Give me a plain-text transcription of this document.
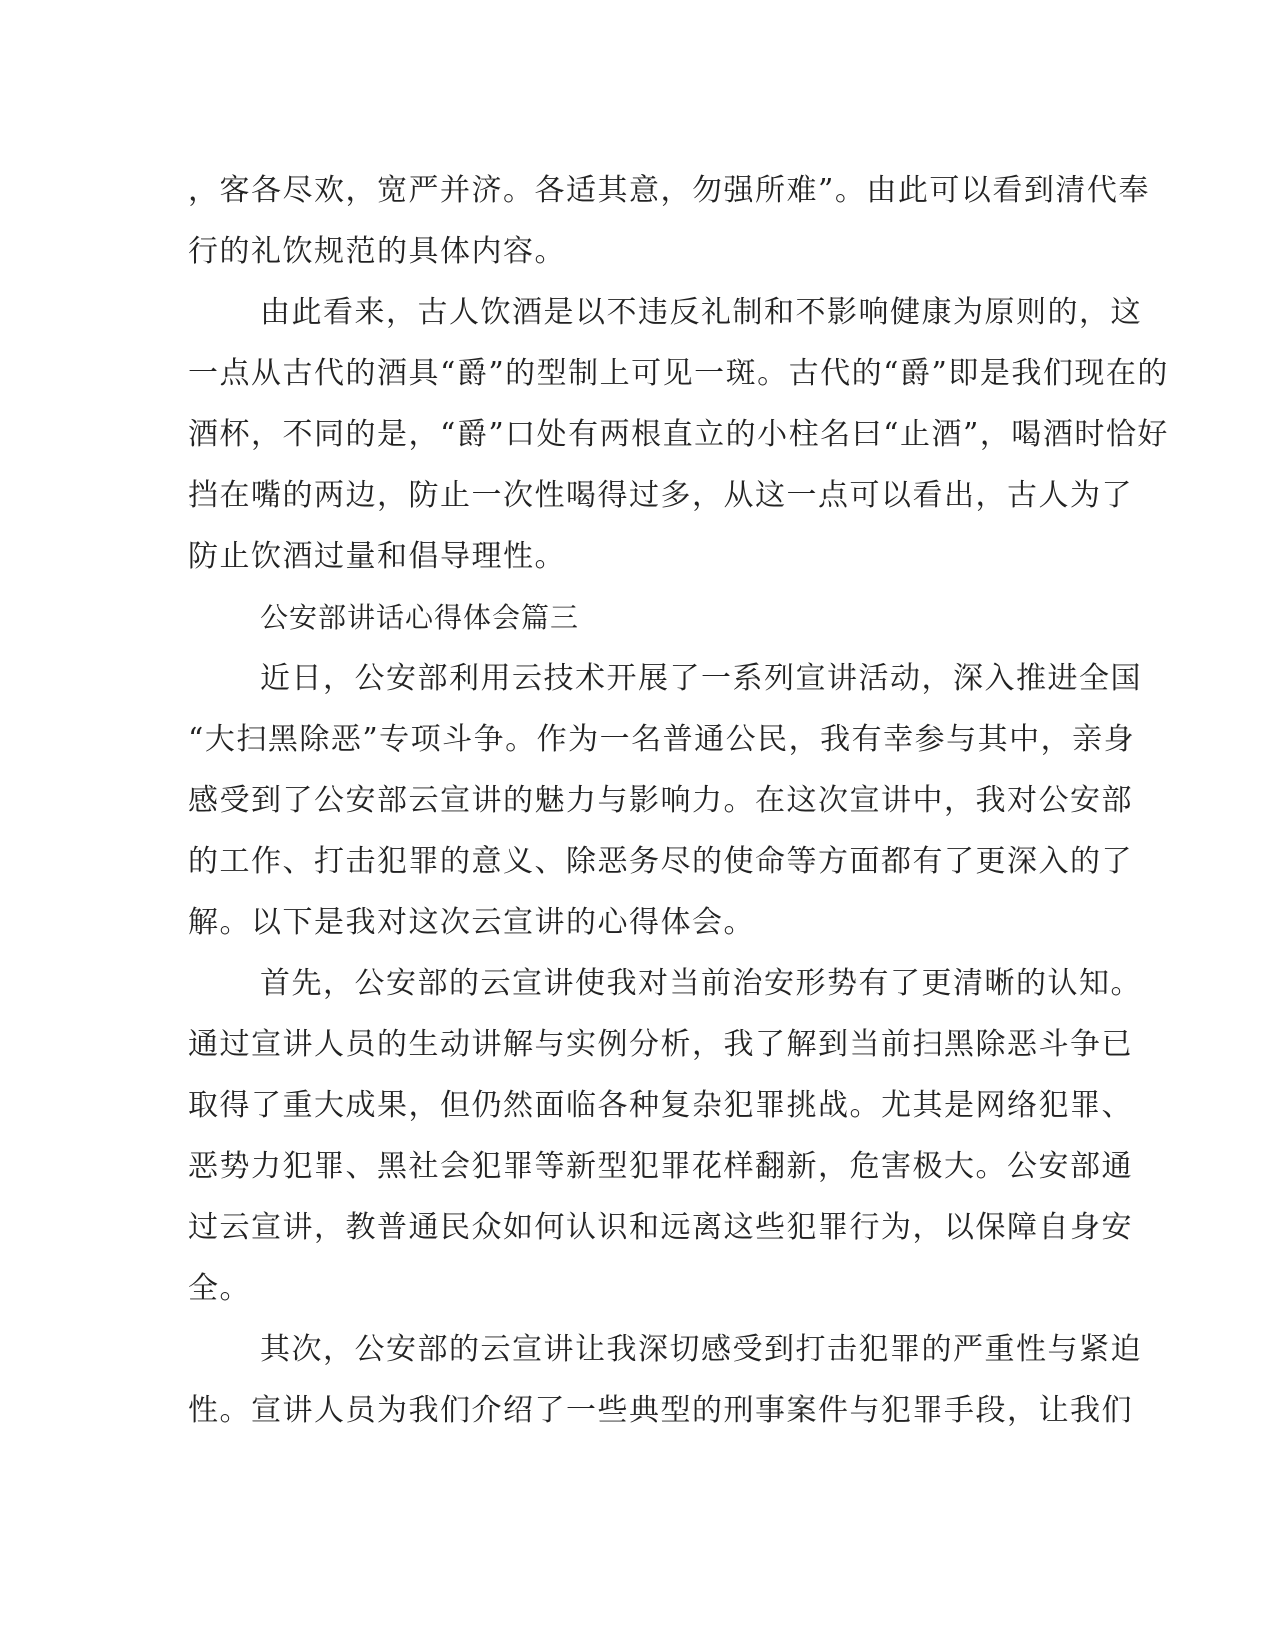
，客各尽欢，宽严并济。各适其意，勿强所难”。由此可以看到清代奉
行的礼饮规范的具体内容。
由此看来，古人饮酒是以不违反礼制和不影响健康为原则的，这
一点从古代的酒具“爵”的型制上可见一斑。古代的“爵”即是我们现在的
酒杯，不同的是，“爵”口处有两根直立的小柱名曰“止酒”，喝酒时恰好
挡在嘴的两边，防止一次性喝得过多，从这一点可以看出，古人为了
防止饮酒过量和倡导理性。
公安部讲话心得体会篇三
近日，公安部利用云技术开展了一系列宣讲活动，深入推进全国
“大扫黑除恶”专项斗争。作为一名普通公民，我有幸参与其中，亲身
感受到了公安部云宣讲的魅力与影响力。在这次宣讲中，我对公安部
的工作、打击犯罪的意义、除恶务尽的使命等方面都有了更深入的了
解。以下是我对这次云宣讲的心得体会。
首先，公安部的云宣讲使我对当前治安形势有了更清晰的认知。
通过宣讲人员的生动讲解与实例分析，我了解到当前扫黑除恶斗争已
取得了重大成果，但仍然面临各种复杂犯罪挑战。尤其是网络犯罪、
恶势力犯罪、黑社会犯罪等新型犯罪花样翻新，危害极大。公安部通
过云宣讲，教普通民众如何认识和远离这些犯罪行为，以保障自身安
全。
其次，公安部的云宣讲让我深切感受到打击犯罪的严重性与紧迫
性。宣讲人员为我们介绍了一些典型的刑事案件与犯罪手段，让我们
